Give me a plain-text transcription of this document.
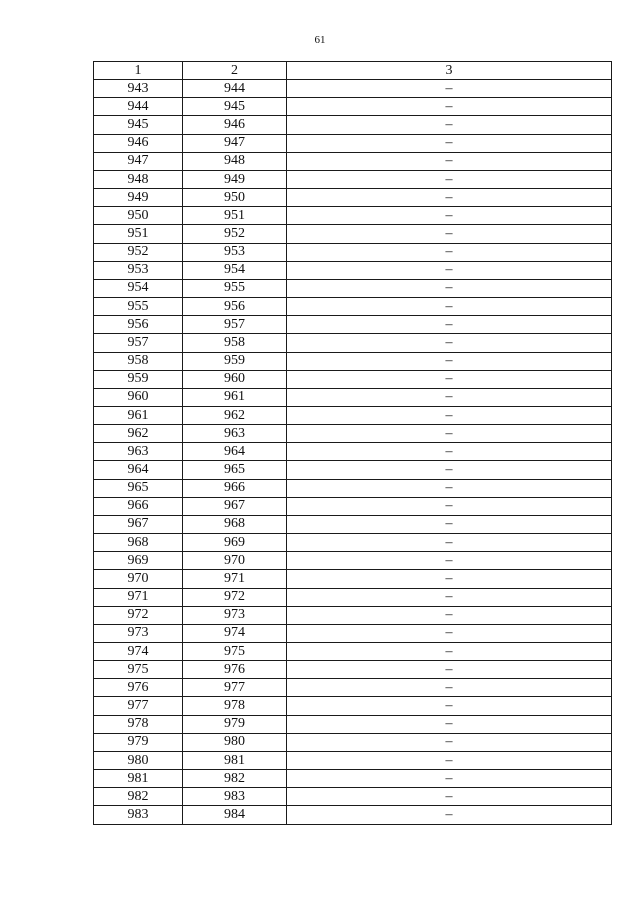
61
1	2	3
943	944	–
944	945	–
945	946	–
946	947	–
947	948	–
948	949	–
949	950	–
950	951	–
951	952	–
952	953	–
953	954	–
954	955	–
955	956	–
956	957	–
957	958	–
958	959	–
959	960	–
960	961	–
961	962	–
962	963	–
963	964	–
964	965	–
965	966	–
966	967	–
967	968	–
968	969	–
969	970	–
970	971	–
971	972	–
972	973	–
973	974	–
974	975	–
975	976	–
976	977	–
977	978	–
978	979	–
979	980	–
980	981	–
981	982	–
982	983	–
983	984	–
